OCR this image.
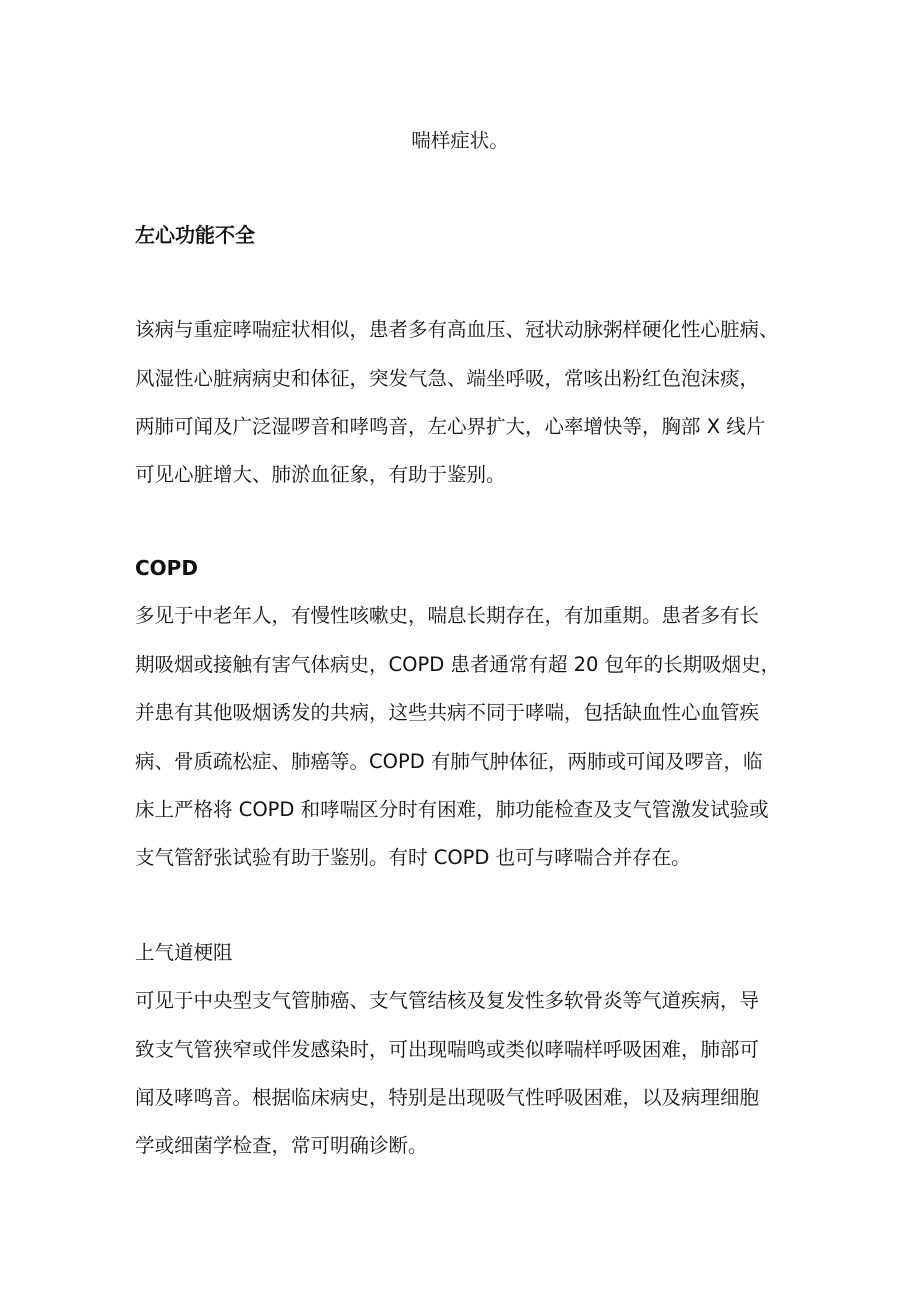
喘样症状。
左心功能不全
该病与重症哮喘症状相似，患者多有高血压、冠状动脉粥样硬化性心脏病、
风湿性心脏病病史和体征，突发气急、端坐呼吸，常咳出粉红色泡沫痰，
两肺可闻及广泛湿啰音和哮鸣音，左心界扩大，心率增快等，胸部 X 线片
可见心脏增大、肺淤血征象，有助于鉴别。
COPD
多见于中老年人，有慢性咳嗽史，喘息长期存在，有加重期。患者多有长
期吸烟或接触有害气体病史，COPD 患者通常有超 20 包年的长期吸烟史，
并患有其他吸烟诱发的共病，这些共病不同于哮喘，包括缺血性心血管疾
病、骨质疏松症、肺癌等。COPD 有肺气肿体征，两肺或可闻及啰音，临
床上严格将 COPD 和哮喘区分时有困难，肺功能检查及支气管激发试验或
支气管舒张试验有助于鉴别。有时 COPD 也可与哮喘合并存在。
上气道梗阻
可见于中央型支气管肺癌、支气管结核及复发性多软骨炎等气道疾病，导
致支气管狭窄或伴发感染时，可出现喘鸣或类似哮喘样呼吸困难，肺部可
闻及哮鸣音。根据临床病史，特别是出现吸气性呼吸困难，以及病理细胞
学或细菌学检查，常可明确诊断。
